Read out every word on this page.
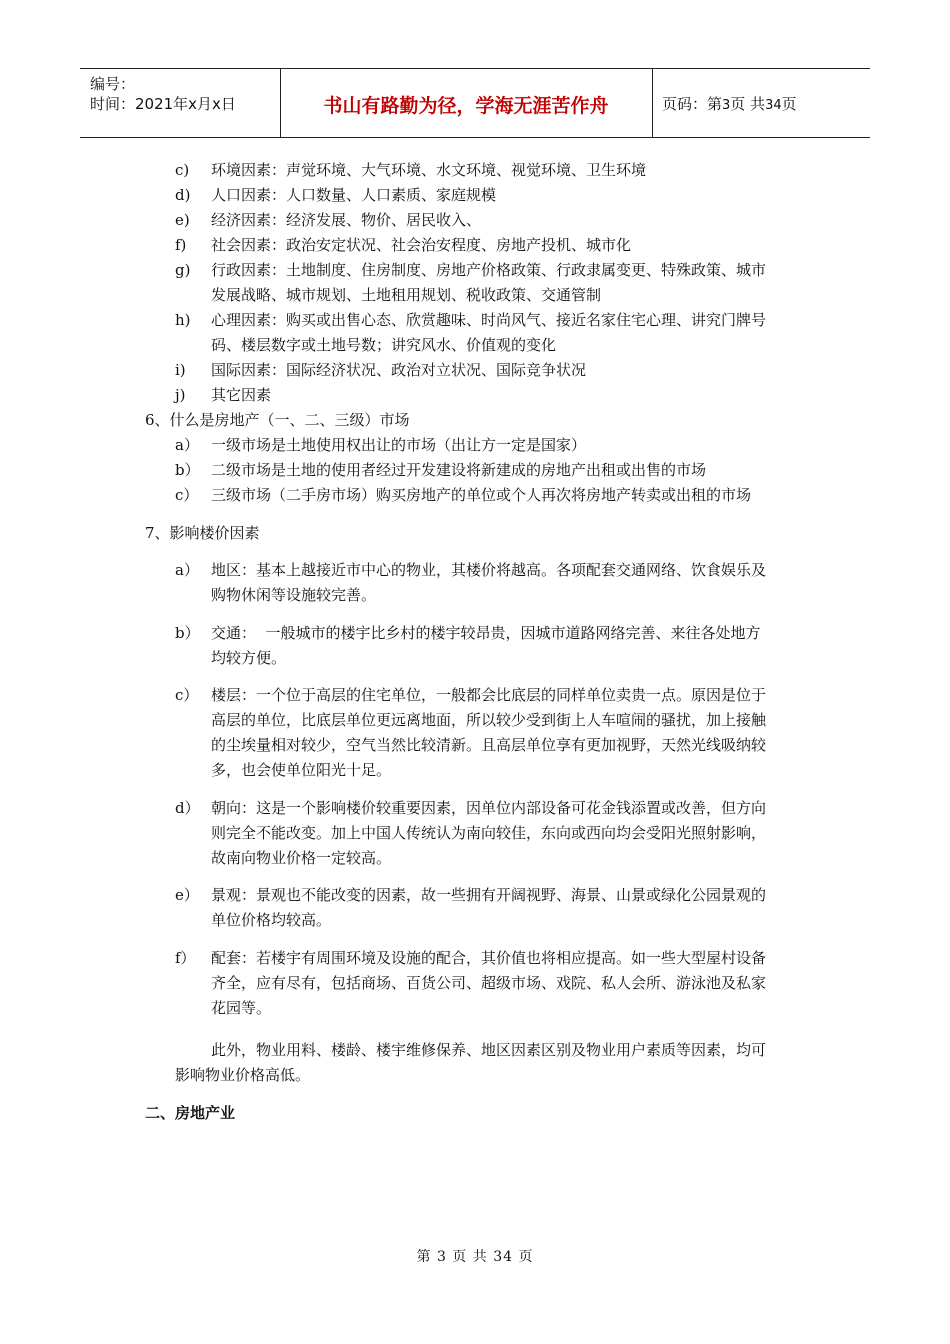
编号：
时间：2021年x月x日	书山有路勤为径，学海无涯苦作舟	页码：第3页 共34页
c) 环境因素：声觉环境、大气环境、水文环境、视觉环境、卫生环境
d) 人口因素：人口数量、人口素质、家庭规模
e) 经济因素：经济发展、物价、居民收入、
f) 社会因素：政治安定状况、社会治安程度、房地产投机、城市化
g) 行政因素：土地制度、住房制度、房地产价格政策、行政隶属变更、特殊政策、城市
发展战略、城市规划、土地租用规划、税收政策、交通管制
h) 心理因素：购买或出售心态、欣赏趣味、时尚风气、接近名家住宅心理、讲究门牌号
码、楼层数字或土地号数；讲究风水、价值观的变化
i) 国际因素：国际经济状况、政治对立状况、国际竞争状况
j) 其它因素
6、什么是房地产（一、二、三级）市场
a） 一级市场是土地使用权出让的市场（出让方一定是国家）
b） 二级市场是土地的使用者经过开发建设将新建成的房地产出租或出售的市场
c） 三级市场（二手房市场）购买房地产的单位或个人再次将房地产转卖或出租的市场
7、影响楼价因素
a） 地区：基本上越接近市中心的物业，其楼价将越高。各项配套交通网络、饮食娱乐及
购物休闲等设施较完善。
b） 交通：  一般城市的楼宇比乡村的楼宇较昂贵，因城市道路网络完善、来往各处地方
均较方便。
c） 楼层：一个位于高层的住宅单位，一般都会比底层的同样单位卖贵一点。原因是位于
高层的单位，比底层单位更远离地面，所以较少受到街上人车喧闹的骚扰，加上接触
的尘埃量相对较少，空气当然比较清新。且高层单位享有更加视野，天然光线吸纳较
多，也会使单位阳光十足。
d） 朝向：这是一个影响楼价较重要因素，因单位内部设备可花金钱添置或改善，但方向
则完全不能改变。加上中国人传统认为南向较佳，东向或西向均会受阳光照射影响，
故南向物业价格一定较高。
e） 景观：景观也不能改变的因素，故一些拥有开阔视野、海景、山景或绿化公园景观的
单位价格均较高。
f） 配套：若楼宇有周围环境及设施的配合，其价值也将相应提高。如一些大型屋村设备
齐全，应有尽有，包括商场、百货公司、超级市场、戏院、私人会所、游泳池及私家
花园等。
此外，物业用料、楼龄、楼宇维修保养、地区因素区别及物业用户素质等因素，均可
影响物业价格高低。
二、房地产业
第 3 页 共 34 页
